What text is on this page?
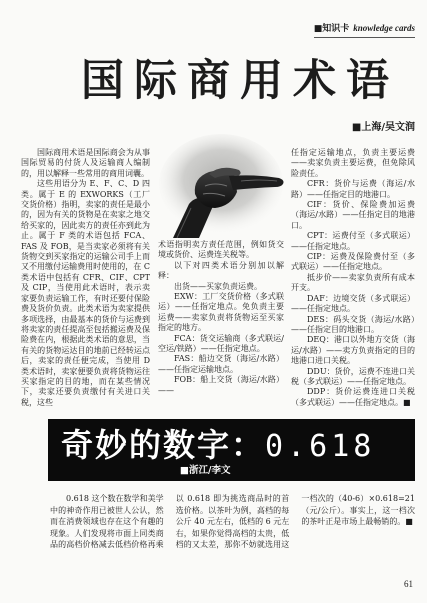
■知识卡 knowledge cards
国际商用术语
■上海/吴文润

国际商用术语是国际商会为从事国际贸易的付货人及运输商人编制的，用以解释一些常用的商用词囊。

这些用语分为 E、F、C、D 四类。属于 E 的 EXWORKS（工厂交货价格）指明，卖家的责任是最小的，因为有关的货物是在卖家之地交给买家的，因此卖方的责任亦到此为止。属于 F 类的术语包括 FCA、FAS 及 FOB，是当卖家必须将有关货物交到买家指定的运输公司手上而又不用缴付运输费用时使用的，在 C 类术语中包括有 CFR、CIF、CPT 及 CIP，当使用此术语时，表示卖家要负责运输工作，有时还要付保险费及货价负责。此类术语为卖家提供多项选择，由最基本的货价与运费到将卖家的责任提高至包括搬运费及保险费在内，根据此类术语的意思，当有关的货物运达目的地前已经转运点后，卖家的责任便完成，当使用 D 类术语时，卖家便要负责将货物运往买家指定的目的地，而在某些情况下，卖家还要负责缴付有关进口关税，这些

术语指明卖方责任范围，例如货交境或货价、运费连关税等。

以下对四类术语分别加以解释：

出货——买家负责运费。

EXW：工厂交货价格（多式联运）——任指定地点。免负责主要运费——卖家负责将货物运至买家指定的地方。

FCA：货交运输商（多式联运/空运/铁路）——任指定地点。

FAS：船边交货（海运/水路）——任指定运输地点。

FOB：船上交货（海运/水路）——

任指定运输地点，负责主要运费——卖家负责主要运费，但免除风险责任。

CFR：货价与运费（海运/水路）——任指定目的地港口。

CIF：货价、保险费加运费（海运/水路）——任指定目的地港口。

CPT：运费付至（多式联运）——任指定地点。

CIP：运费及保险费付至（多式联运）——任指定地点。

抵步价——卖家负责所有成本开支。

DAF：边境交货（多式联运）——任指定地点。

DES：码头交货（海运/水路）——任指定目的地港口。

DEQ：港口以外地方交货（海运/水路）——卖方负责指定的目的地港口进口关税。

DDU：货价，运费不连进口关税（多式联运）——任指定地点。

DDP：货价运费连进口关税（多式联运）——任指定地点。■

奇妙的数字：0.618
■浙江/李文

0.618 这个数在数学和美学中的神奇作用已被世人公认，然而在消费领域也存在这个有趣的现象。人们发现将市面上同类商品的高档价格减去低档价格再乘以 0.618 即为挑选商品时的首选价格。以茶叶为例，高档的每公斤 40 元左右，低档的 6 元左右，如果你觉得高档的太贵，低档的又太差，那你不妨就选用这一档次的（40-6）×0.618=21（元/公斤）。事实上，这一档次的茶叶正是市场上最畅销的。■

61
